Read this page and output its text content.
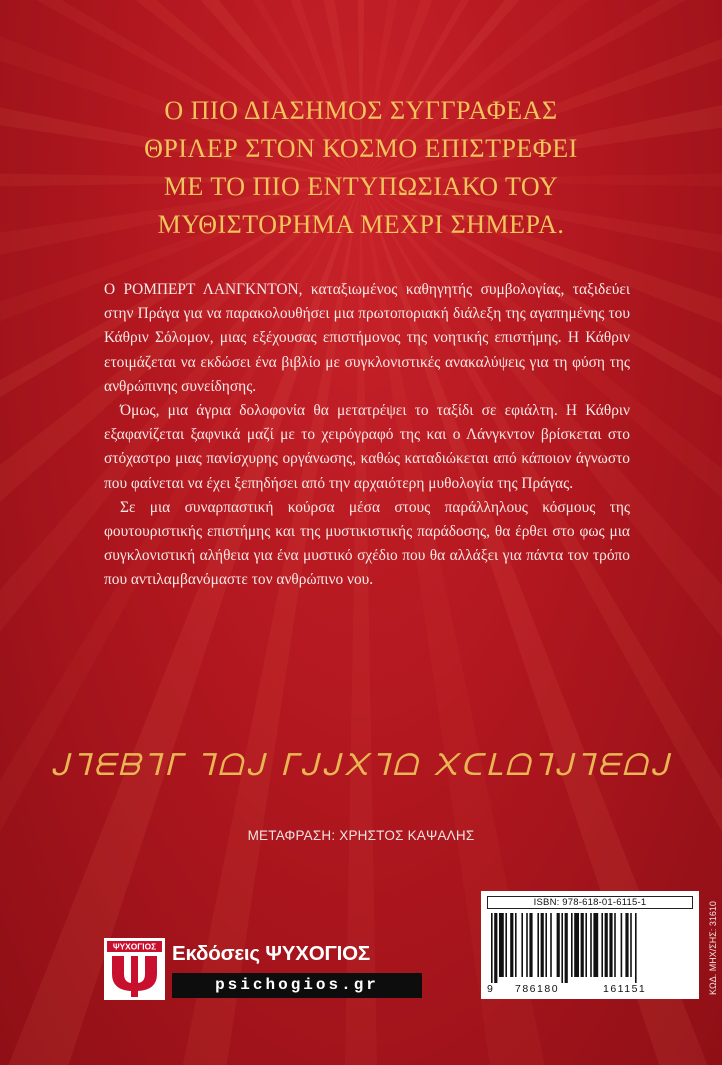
Ο ΠΙΟ ΔΙΑΣΗΜΟΣ ΣΥΓΓΡΑΦΕΑΣ
ΘΡΙΛΕΡ ΣΤΟΝ ΚΟΣΜΟ ΕΠΙΣΤΡΕΦΕΙ
ΜΕ ΤΟ ΠΙΟ ΕΝΤΥΠΩΣΙΑΚΟ ΤΟΥ
ΜΥΘΙΣΤΟΡΗΜΑ ΜΕΧΡΙ ΣΗΜΕΡΑ.

Ο ΡΟΜΠΕΡΤ ΛΑΝΓΚΝΤΟΝ, καταξιωμένος καθηγητής συμβολογίας, ταξιδεύει στην Πράγα για να παρακολουθήσει μια πρωτοποριακή διάλεξη της αγαπημένης του Κάθριν Σόλομον, μιας εξέχουσας επιστήμονος της νοητικής επιστήμης. Η Κάθριν ετοιμάζεται να εκδώσει ένα βιβλίο με συγκλονιστικές ανακαλύψεις για τη φύση της ανθρώπινης συνείδησης.

Όμως, μια άγρια δολοφονία θα μετατρέψει το ταξίδι σε εφιάλτη. Η Κάθριν εξαφανίζεται ξαφνικά μαζί με το χειρόγραφό της και ο Λάνγκντον βρίσκεται στο στόχαστρο μιας πανίσχυρης οργάνωσης, καθώς καταδιώκεται από κάποιον άγνωστο που φαίνεται να έχει ξεπηδήσει από την αρχαιότερη μυθολογία της Πράγας.

Σε μια συναρπαστική κούρσα μέσα στους παράλληλους κόσμους της φουτουριστικής επιστήμης και της μυστικιστικής παράδοσης, θα έρθει στο φως μια συγκλονιστική αλήθεια για ένα μυστικό σχέδιο που θα αλλάξει για πάντα τον τρόπο που αντιλαμβανόμαστε τον ανθρώπινο νου.

ᒍᒣᗴᗷᒣᒥ ᒣᗝᒍ ᒥᒍᒍ᙭ᒣᗝ ᙭ᑕᒪᗝᒣᒍᒣᗴᗝᒍ
ΜΕΤΑΦΡΑΣΗ: ΧΡΗΣΤΟΣ ΚΑΨΑΛΗΣ
ISBN: 978-618-01-6115-1
9 786180	161151	ΚΩΔ. ΜΗΧ/ΣΗΣ: 31610
ΨΥΧΟΓΙΟΣ Εκδόσεις ΨΥΧΟΓΙΟΣ
psichogios.gr
